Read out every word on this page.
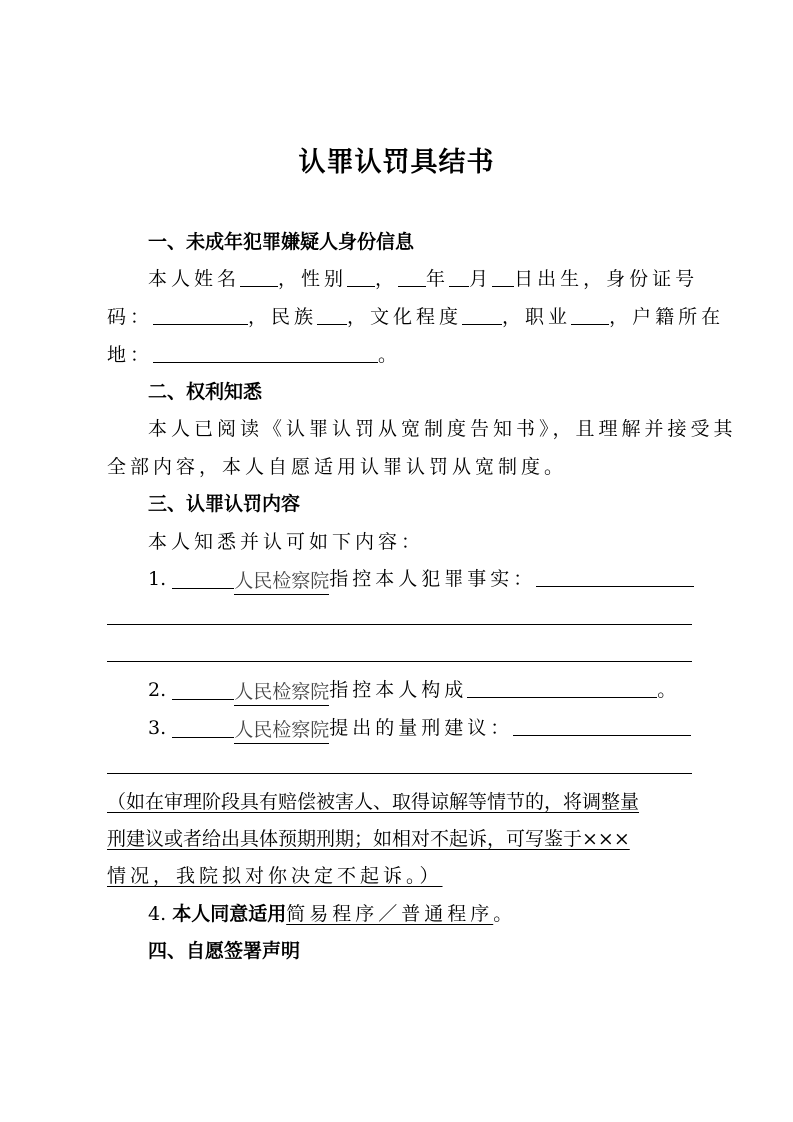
认罪认罚具结书
一、未成年犯罪嫌疑人身份信息
本人姓名 ，性别 ， 年 月 日出生，身份证号
码：	，民族 ，文化程度 ，职业 ，户籍所在
地：	。
二、权利知悉
本人已阅读《认罪认罚从宽制度告知书》，且理解并接受其
全部内容，本人自愿适用认罪认罚从宽制度。
三、认罪认罚内容
本人知悉并认可如下内容：
1.	人民检察院指控本人犯罪事实：
2.	人民检察院指控本人构成	。
3.	人民检察院提出的量刑建议：
（如在审理阶段具有赔偿被害人、取得谅解等情节的，将调整量
刑建议或者给出具体预期刑期；如相对不起诉，可写鉴于×××
情况，我院拟对你决定不起诉。）
4. 本人同意适用简易程序／普通程序。
四、自愿签署声明
